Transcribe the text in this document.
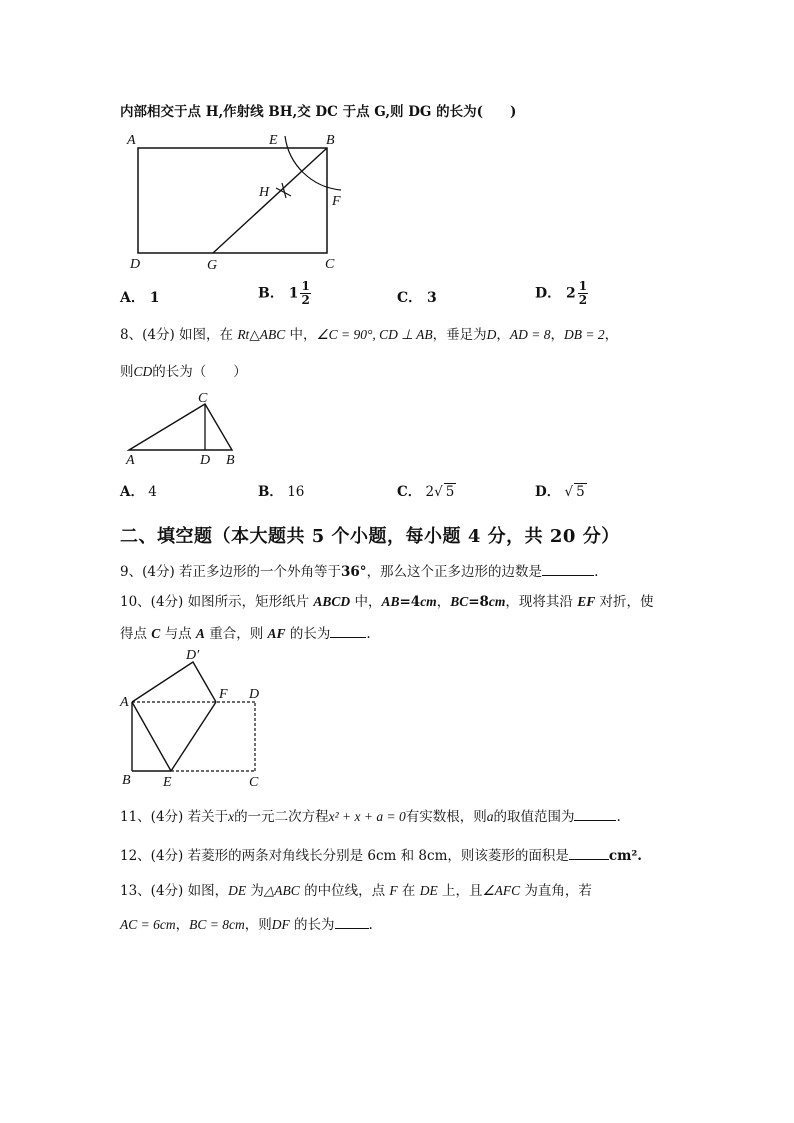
内部相交于点 H,作射线 BH,交 DC 于点 G,则 DG 的长为(　　)
A	B
E
F
H
D	G	C
A． 1	B． $1 \frac{1}{2}$	C． 3	D． $2 \frac{1}{2}$
8、(4分) 如图，在 Rt△ABC 中，∠C = 90°, CD ⊥ AB，垂足为D，AD = 8，DB = 2，
则CD的长为（　　）
C
A	D B
A． 4	B． 16	C． 2√ 5	D． √ 5
二、填空题（本大题共 5 个小题，每小题 4 分，共 20 分）
9、(4分) 若正多边形的一个外角等于36°，那么这个正多边形的边数是	.
10、(4分) 如图所示，矩形纸片 ABCD 中，AB=4cm，BC=8cm，现将其沿 EF 对折，使
得点 C 与点 A 重合，则 AF 的长为	.
D′
A
F D
B E	C
11、(4分) 若关于x的一元二次方程x² + x + a = 0有实数根，则a的取值范围为	.
12、(4分) 若菱形的两条对角线长分别是 6cm 和 8cm，则该菱形的面积是	cm².
13、(4分) 如图，DE 为△ABC 的中位线，点 F 在 DE 上，且∠AFC 为直角，若
AC = 6cm，BC = 8cm，则DF 的长为	.
